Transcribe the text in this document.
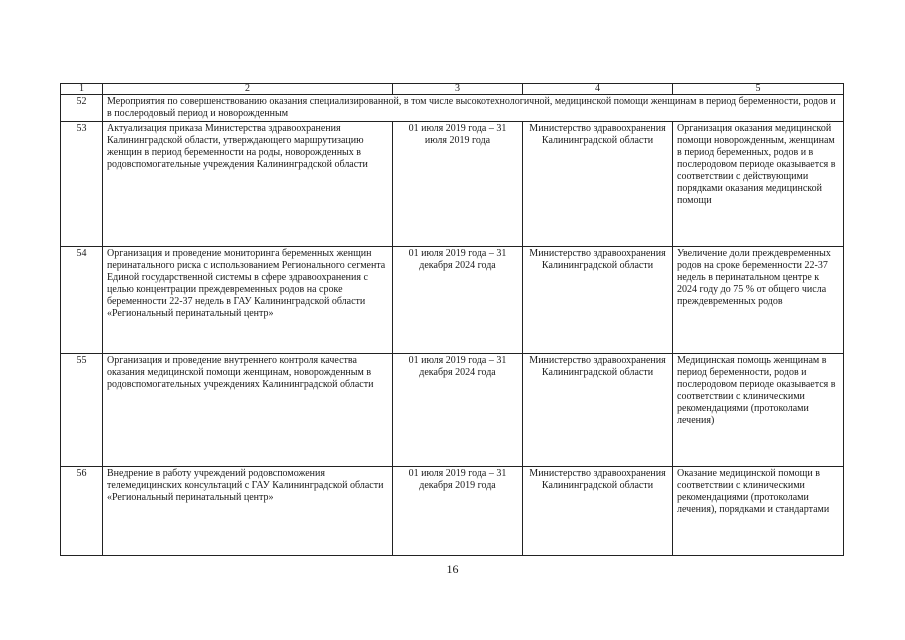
1	2	3	4	5
52	Мероприятия по совершенствованию оказания специализированной, в том числе высокотехнологичной, медицинской помощи женщинам в период беременности, родов и в послеродовый период и новорожденным			
53	Актуализация приказа Министерства здравоохранения Калининградской области, утверждающего маршрутизацию женщин в период беременности на роды, новорожденных в родовспомогательные учреждения Калининградской области	01 июля 2019 года – 31 июля 2019 года	Министерство здравоохранения Калининградской области	Организация оказания медицинской помощи новорожденным, женщинам в период беременных, родов и в послеродовом периоде оказывается в соответствии с действующими порядками оказания медицинской помощи
54	Организация и проведение мониторинга беременных женщин перинатального риска с использованием Регионального сегмента Единой государственной системы в сфере здравоохранения с целью концентрации преждевременных родов на сроке беременности 22-37 недель в ГАУ Калининградской области «Региональный перинатальный центр»	01 июля 2019 года – 31 декабря 2024 года	Министерство здравоохранения Калининградской области	Увеличение доли преждевременных родов на сроке беременности 22-37 недель в перинатальном центре к 2024 году до 75 % от общего числа преждевременных родов
55	Организация и проведение внутреннего контроля качества оказания медицинской помощи женщинам, новорожденным в родовспомогательных учреждениях Калининградской области	01 июля 2019 года – 31 декабря 2024 года	Министерство здравоохранения Калининградской области	Медицинская помощь женщинам в период беременности, родов и послеродовом периоде оказывается в соответствии с клиническими рекомендациями (протоколами лечения)
56	Внедрение в работу учреждений родовспоможения телемедицинских консультаций с ГАУ Калининградской области «Региональный перинатальный центр»	01 июля 2019 года – 31 декабря 2019 года	Министерство здравоохранения Калининградской области	Оказание медицинской помощи в соответствии с клиническими рекомендациями (протоколами лечения), порядками и стандартами
16
